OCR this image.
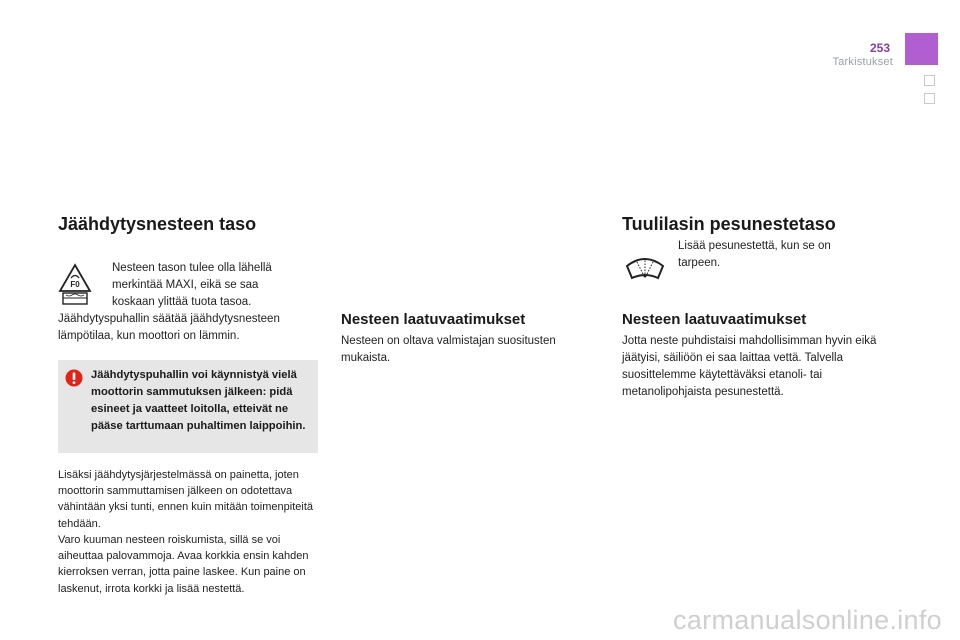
253
Tarkistukset
Jäähdytysnesteen taso
F0

Nesteen tason tulee olla lähellä merkintää MAXI, eikä se saa koskaan ylittää tuota tasoa.

Jäähdytyspuhallin säätää jäähdytysnesteen lämpötilaa, kun moottori on lämmin.

Jäähdytyspuhallin voi käynnistyä vielä moottorin sammutuksen jälkeen: pidä esineet ja vaatteet loitolla, etteivät ne pääse tarttumaan puhaltimen laippoihin.

Lisäksi jäähdytysjärjestelmässä on painetta, joten moottorin sammuttamisen jälkeen on odotettava vähintään yksi tunti, ennen kuin mitään toimenpiteitä tehdään.

Varo kuuman nesteen roiskumista, sillä se voi aiheuttaa palovammoja. Avaa korkkia ensin kahden kierroksen verran, jotta paine laskee. Kun paine on laskenut, irrota korkki ja lisää nestettä.

Nesteen laatuvaatimukset

Nesteen on oltava valmistajan suositusten mukaista.

Tuulilasin pesunestetaso

Lisää pesunestettä, kun se on tarpeen.

Nesteen laatuvaatimukset

Jotta neste puhdistaisi mahdollisimman hyvin eikä jäätyisi, säiliöön ei saa laittaa vettä. Talvella suosittelemme käytettäväksi etanoli- tai metanolipohjaista pesunestettä.

carmanualsonline.info
